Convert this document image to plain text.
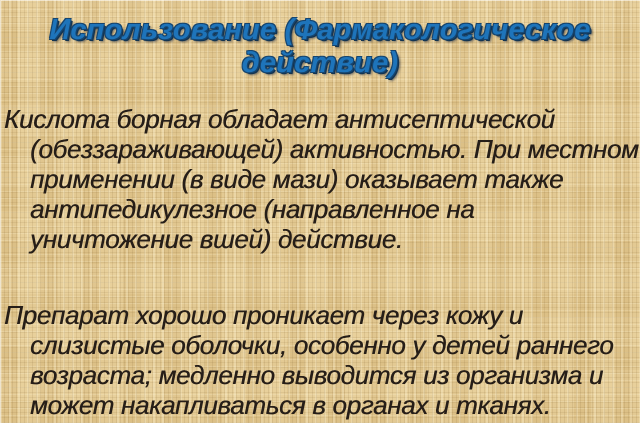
Использование (Фармакологическое
действие)
Кислота борная обладает антисептической
(обеззараживающей) активностью. При местном
применении (в виде мази) оказывает также
антипедикулезное (направленное на
уничтожение вшей) действие.
Препарат хорошо проникает через кожу и
слизистые оболочки, особенно у детей раннего
возраста; медленно выводится из организма и
может накапливаться в органах и тканях.
